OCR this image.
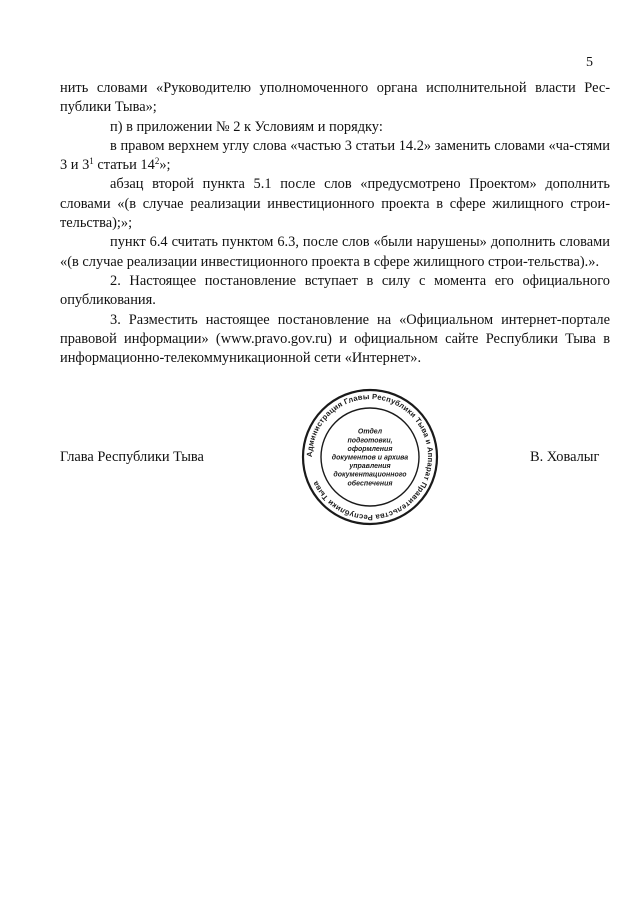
5

нить словами «Руководителю уполномоченного органа исполнительной власти Рес-публики Тыва»;

п) в приложении № 2 к Условиям и порядку:

в правом верхнем углу слова «частью 3 статьи 14.2» заменить словами «ча-стями 3 и $3^1$ статьи $14^2$»;

абзац второй пункта 5.1 после слов «предусмотрено Проектом» дополнить словами «(в случае реализации инвестиционного проекта в сфере жилищного строи-тельства);»;

пункт 6.4 считать пунктом 6.3, после слов «были нарушены» дополнить словами «(в случае реализации инвестиционного проекта в сфере жилищного строи-тельства).».

2. Настоящее постановление вступает в силу с момента его официального опубликования.

3. Разместить настоящее постановление на «Официальном интернет-портале правовой информации» (www.pravo.gov.ru) и официальном сайте Республики Тыва в информационно-телекоммуникационной сети «Интернет».

Глава Республики Тыва	Администрация Главы Республики Тыва и Аппарат Правительства Республики Тыва
Отдел
подготовки,
оформления
документов и архива
управления
документационного
обеспечения
В. Ховалыг
